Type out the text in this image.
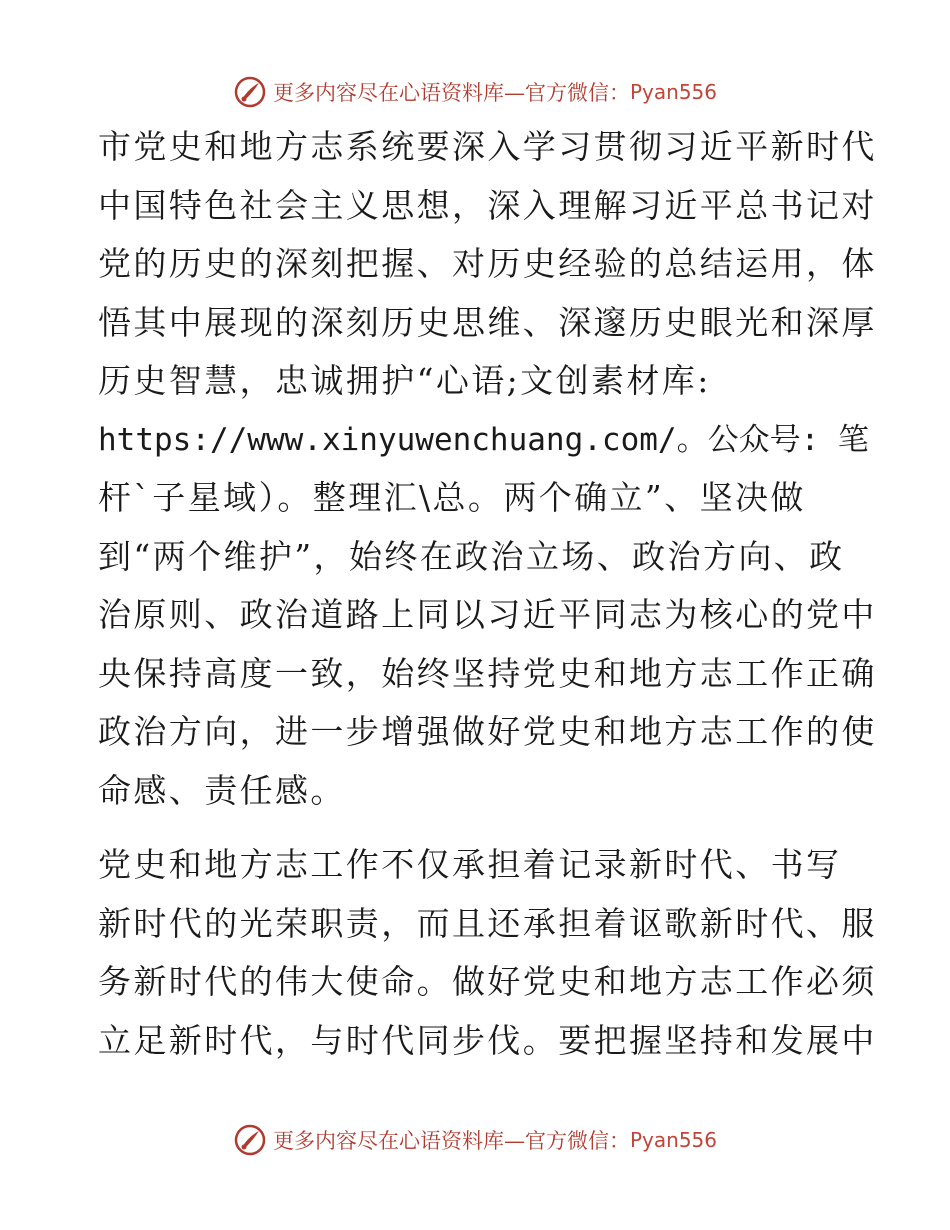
更多内容尽在心语资料库—官方微信： Pyan556
市党史和地方志系统要深入学习贯彻习近平新时代
中国特色社会主义思想，深入理解习近平总书记对
党的历史的深刻把握、对历史经验的总结运用，体
悟其中展现的深刻历史思维、深邃历史眼光和深厚
历史智慧，忠诚拥护“心语;文创素材库:
https://www.xinyuwenchuang.com/。公众号: 笔
杆`子星域）。整理汇\总。两个确立”、坚决做
到“两个维护”，始终在政治立场、政治方向、政
治原则、政治道路上同以习近平同志为核心的党中
央保持高度一致，始终坚持党史和地方志工作正确
政治方向，进一步增强做好党史和地方志工作的使
命感、责任感。
党史和地方志工作不仅承担着记录新时代、书写
新时代的光荣职责，而且还承担着讴歌新时代、服
务新时代的伟大使命。做好党史和地方志工作必须
立足新时代，与时代同步伐。要把握坚持和发展中
更多内容尽在心语资料库—官方微信： Pyan556
